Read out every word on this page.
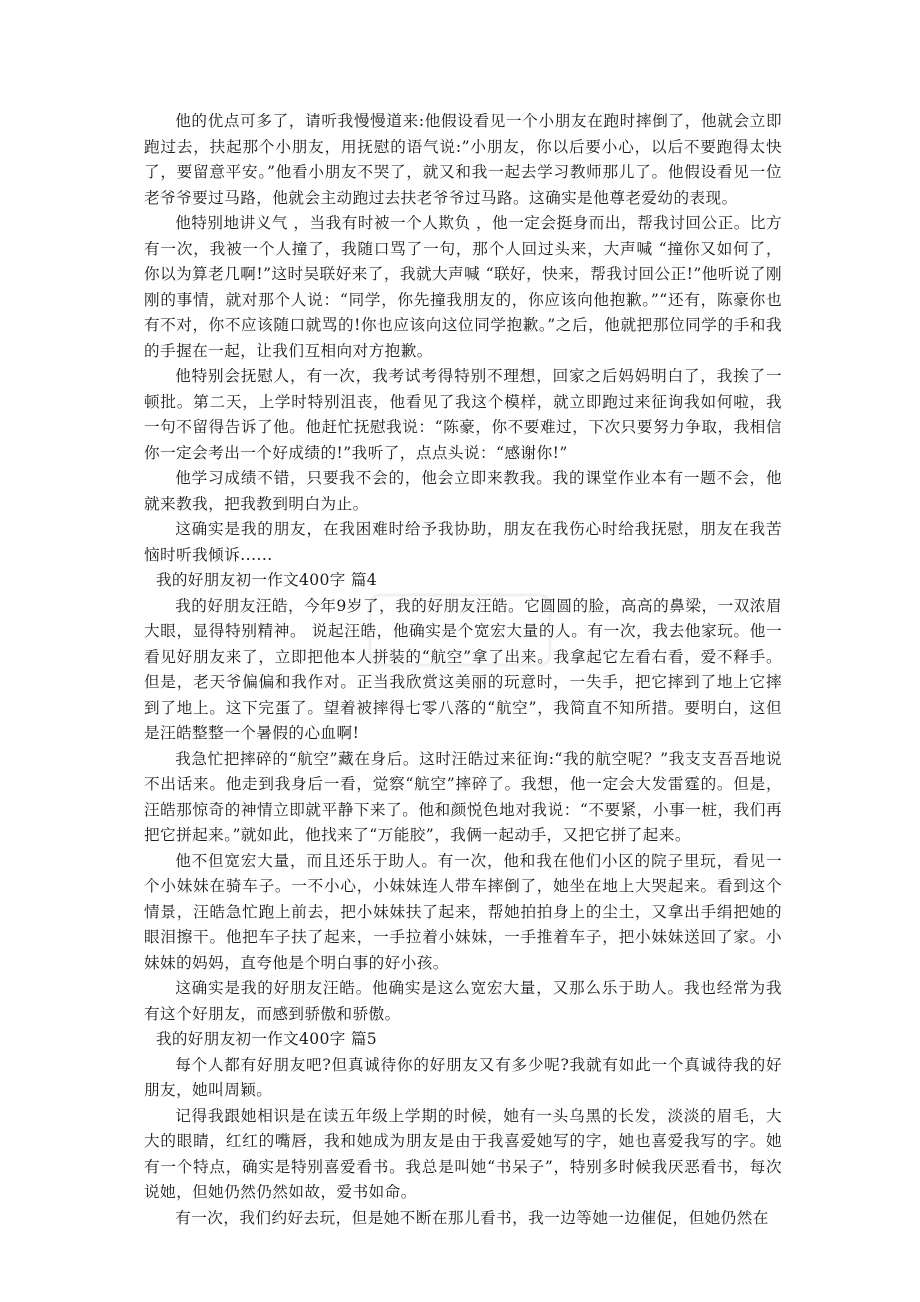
他的优点可多了，请听我慢慢道来:他假设看见一个小朋友在跑时摔倒了，他就会立即跑过去，扶起那个小朋友，用抚慰的语气说:”小朋友，你以后要小心，以后不要跑得太快了，要留意平安。”他看小朋友不哭了，就又和我一起去学习教师那儿了。他假设看见一位老爷爷要过马路，他就会主动跑过去扶老爷爷过马路。这确实是他尊老爱幼的表现。

他特别地讲义气 ，当我有时被一个人欺负 ，他一定会挺身而出，帮我讨回公正。比方有一次，我被一个人撞了，我随口骂了一句，那个人回过头来，大声喊 “撞你又如何了，你以为算老几啊!”这时吴联好来了，我就大声喊 “联好，快来，帮我讨回公正!”他听说了刚刚的事情，就对那个人说：“同学，你先撞我朋友的，你应该向他抱歉。”“还有，陈豪你也有不对，你不应该随口就骂的!你也应该向这位同学抱歉。”之后，他就把那位同学的手和我的手握在一起，让我们互相向对方抱歉。

他特别会抚慰人，有一次，我考试考得特别不理想，回家之后妈妈明白了，我挨了一顿批。第二天，上学时特别沮丧，他看见了我这个模样，就立即跑过来征询我如何啦，我一句不留得告诉了他。他赶忙抚慰我说：“陈豪，你不要难过，下次只要努力争取，我相信你一定会考出一个好成绩的!”我听了，点点头说：“感谢你!”

他学习成绩不错，只要我不会的，他会立即来教我。我的课堂作业本有一题不会，他就来教我，把我教到明白为止。

这确实是我的朋友，在我困难时给予我协助，朋友在我伤心时给我抚慰，朋友在我苦恼时听我倾诉......

我的好朋友初一作文400字 篇4

我的好朋友汪皓，今年9岁了，我的好朋友汪皓。它圆圆的脸，高高的鼻梁，一双浓眉大眼，显得特别精神。 说起汪皓，他确实是个宽宏大量的人。有一次，我去他家玩。他一看见好朋友来了，立即把他本人拼装的“航空”拿了出来。我拿起它左看右看，爱不释手。但是，老天爷偏偏和我作对。正当我欣赏这美丽的玩意时，一失手，把它摔到了地上它摔到了地上。这下完蛋了。望着被摔得七零八落的“航空”，我简直不知所措。要明白，这但是汪皓整整一个暑假的心血啊!

我急忙把摔碎的“航空”藏在身后。这时汪皓过来征询:“我的航空呢？”我支支吾吾地说不出话来。他走到我身后一看，觉察“航空”摔碎了。我想，他一定会大发雷霆的。但是，汪皓那惊奇的神情立即就平静下来了。他和颜悦色地对我说：“不要紧，小事一桩，我们再把它拼起来。”就如此，他找来了“万能胶”，我俩一起动手，又把它拼了起来。

他不但宽宏大量，而且还乐于助人。有一次，他和我在他们小区的院子里玩，看见一个小妹妹在骑车子。一不小心，小妹妹连人带车摔倒了，她坐在地上大哭起来。看到这个情景，汪皓急忙跑上前去，把小妹妹扶了起来，帮她拍拍身上的尘土，又拿出手绢把她的眼泪擦干。他把车子扶了起来，一手拉着小妹妹，一手推着车子，把小妹妹送回了家。小妹妹的妈妈，直夸他是个明白事的好小孩。

这确实是我的好朋友汪皓。他确实是这么宽宏大量，又那么乐于助人。我也经常为我有这个好朋友，而感到骄傲和骄傲。

我的好朋友初一作文400字 篇5

每个人都有好朋友吧?但真诚待你的好朋友又有多少呢?我就有如此一个真诚待我的好朋友，她叫周颖。

记得我跟她相识是在读五年级上学期的时候，她有一头乌黑的长发，淡淡的眉毛，大大的眼睛，红红的嘴唇，我和她成为朋友是由于我喜爱她写的字，她也喜爱我写的字。她有一个特点，确实是特别喜爱看书。我总是叫她“书呆子”，特别多时候我厌恶看书，每次说她，但她仍然仍然如故，爱书如命。

有一次，我们约好去玩，但是她不断在那儿看书，我一边等她一边催促，但她仍然在
